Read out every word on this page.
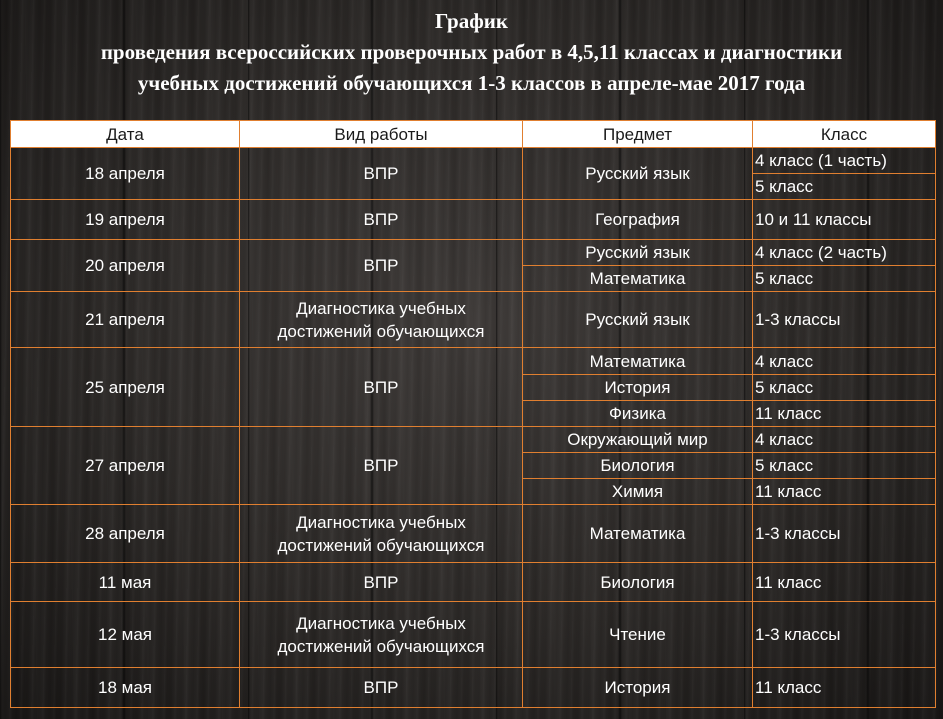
График
проведения всероссийских проверочных работ в 4,5,11 классах и диагностики
учебных достижений обучающихся 1-3 классов в апреле-мае 2017 года
Дата	Вид работы	Предмет	Класс
18 апреля	ВПР	Русский язык	4 класс (1 часть)
			5 класс
19 апреля	ВПР	География	10 и 11 классы
20 апреля	ВПР	Русский язык	4 класс (2 часть)
		Математика	5 класс
21 апреля	Диагностика учебных
достижений обучающихся	Русский язык	1-3 классы
25 апреля	ВПР	Математика	4 класс
		История	5 класс
		Физика	11 класс
27 апреля	ВПР	Окружающий мир	4 класс
		Биология	5 класс
		Химия	11 класс
28 апреля	Диагностика учебных
достижений обучающихся	Математика	1-3 классы
11 мая	ВПР	Биология	11 класс
12 мая	Диагностика учебных
достижений обучающихся	Чтение	1-3 классы
18 мая	ВПР	История	11 класс
